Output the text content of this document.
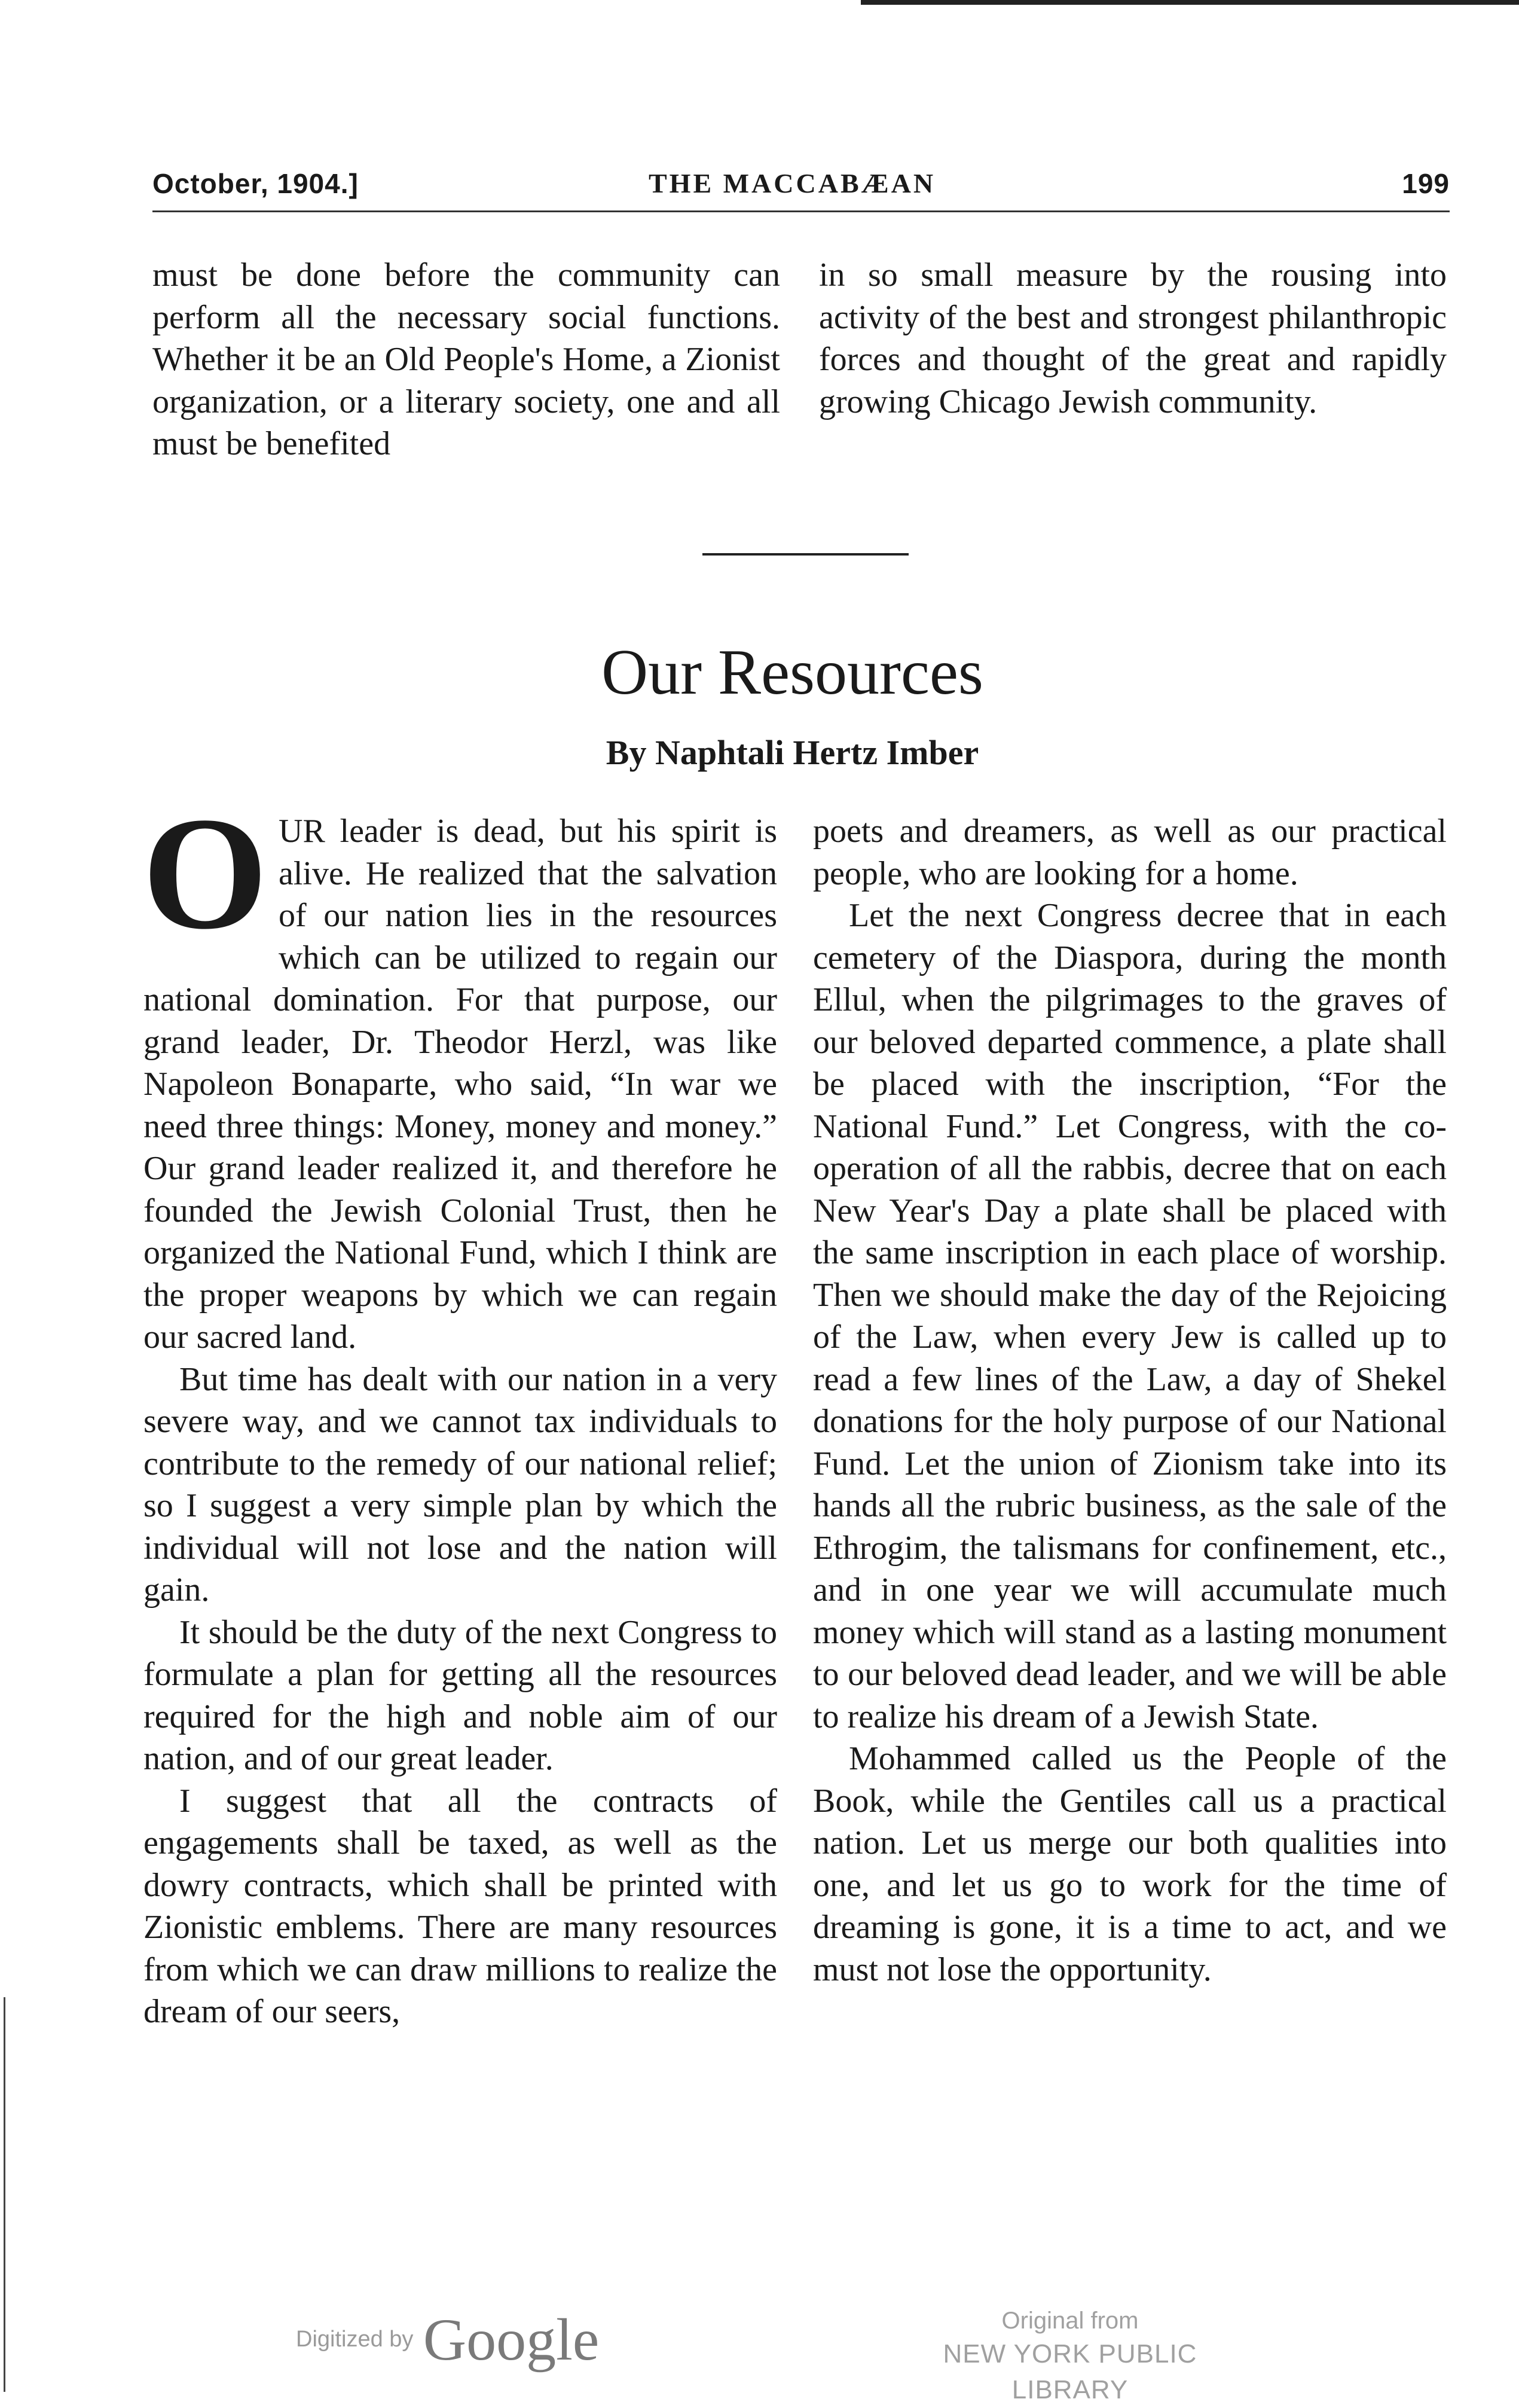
October, 1904.]	THE MACCABÆAN	199

must be done before the community can perform all the necessary social functions. Whether it be an Old People's Home, a Zionist organization, or a literary society, one and all must be benefited

in so small measure by the rousing into activity of the best and strongest philanthropic forces and thought of the great and rapidly growing Chicago Jewish community.

Our Resources
By Naphtali Hertz Imber

OUR leader is dead, but his spirit is alive. He realized that the salvation of our nation lies in the resources which can be utilized to regain our national domination. For that purpose, our grand leader, Dr. Theodor Herzl, was like Napoleon Bonaparte, who said, “In war we need three things: Money, money and money.” Our grand leader realized it, and therefore he founded the Jewish Colonial Trust, then he organized the National Fund, which I think are the proper weapons by which we can regain our sacred land.

But time has dealt with our nation in a very severe way, and we cannot tax individuals to contribute to the remedy of our national relief; so I suggest a very simple plan by which the individual will not lose and the nation will gain.

It should be the duty of the next Congress to formulate a plan for getting all the resources required for the high and noble aim of our nation, and of our great leader.

I suggest that all the contracts of engagements shall be taxed, as well as the dowry contracts, which shall be printed with Zionistic emblems. There are many resources from which we can draw millions to realize the dream of our seers,

poets and dreamers, as well as our practical people, who are looking for a home.

Let the next Congress decree that in each cemetery of the Diaspora, during the month Ellul, when the pilgrimages to the graves of our beloved departed commence, a plate shall be placed with the inscription, “For the National Fund.” Let Congress, with the co-operation of all the rabbis, decree that on each New Year's Day a plate shall be placed with the same inscription in each place of worship. Then we should make the day of the Rejoicing of the Law, when every Jew is called up to read a few lines of the Law, a day of Shekel donations for the holy purpose of our National Fund. Let the union of Zionism take into its hands all the rubric business, as the sale of the Ethrogim, the talismans for confinement, etc., and in one year we will accumulate much money which will stand as a lasting monument to our beloved dead leader, and we will be able to realize his dream of a Jewish State.

Mohammed called us the People of the Book, while the Gentiles call us a practical nation. Let us merge our both qualities into one, and let us go to work for the time of dreaming is gone, it is a time to act, and we must not lose the opportunity.

Digitized by Google	Original from
NEW YORK PUBLIC LIBRARY
